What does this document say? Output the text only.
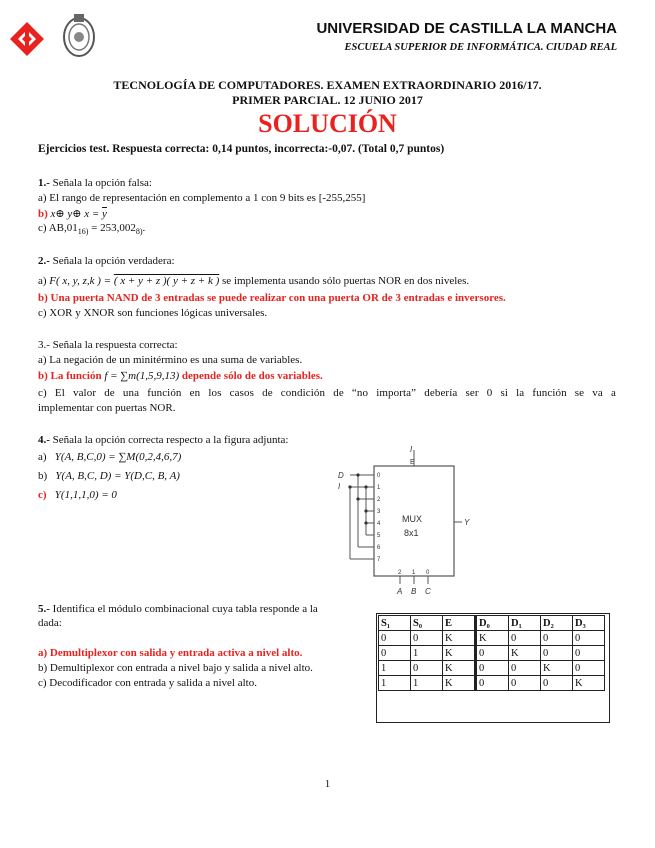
UNIVERSIDAD DE CASTILLA LA MANCHA
ESCUELA SUPERIOR DE INFORMÁTICA. CIUDAD REAL
TECNOLOGÍA DE COMPUTADORES. EXAMEN EXTRAORDINARIO 2016/17.
PRIMER PARCIAL. 12 JUNIO 2017
SOLUCIÓN
Ejercicios test. Respuesta correcta: 0,14 puntos, incorrecta:-0,07. (Total 0,7 puntos)
1.- Señala la opción falsa:
a) El rango de representación en complemento a 1 con 9 bits es [-255,255]
b) x⊕ y⊕ $x = \overline{y}$
c) $AB,01_{16)} = 253,002_{8)}$.
2.- Señala la opción verdadera:
a) F( x, y, z,k ) = ( x + y + z )( y + z + k ) se implementa usando sólo puertas NOR en dos niveles.
b) Una puerta NAND de 3 entradas se puede realizar con una puerta OR de 3 entradas e inversores.
c) XOR y XNOR son funciones lógicas universales.
3.- Señala la respuesta correcta:
a) La negación de un minitérmino es una suma de variables.
b) La función f = ∑m(1,5,9,13) depende sólo de dos variables.
c) El valor de una función en los casos de condición de “no importa” debería ser 0 si la función se va a
implementar con puertas NOR.
4.- Señala la opción correcta respecto a la figura adjunta:
a) Y(A, B,C,0) = ∑M(0,2,4,6,7)
b) Y(A, B,C, D) = Y(D,C, B, A)
c) Y(1,1,1,0) = 0
I
E
Y
MUX
8x1
D
I
0
1
2
3
4
5
6
7
2 1 0
A B C
5.- Identifica el módulo combinacional cuya tabla responde a la
dada:
a) Demultiplexor con salida y entrada activa a nivel alto.
b) Demultiplexor con entrada a nivel bajo y salida a nivel alto.
c) Decodificador con entrada y salida a nivel alto.
S₁	S₀	E	D₀	D₁	D₂	D₃
0	0	K	K	0	0	0
0	1	K	0	K	0	0
1	0	K	0	0	K	0
1	1	K	0	0	0	K
1
